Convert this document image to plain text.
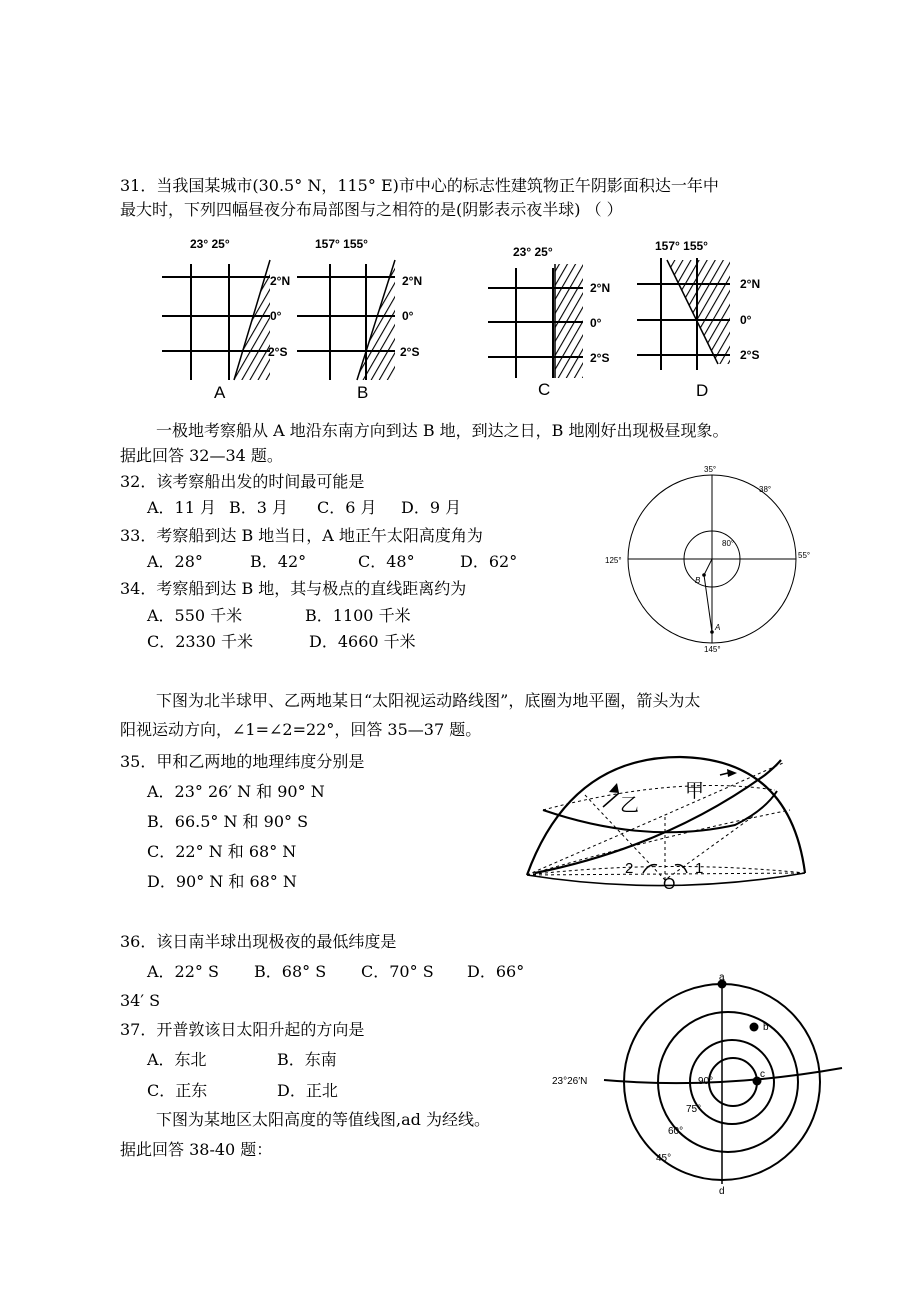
31．当我国某城市(30.5° N，115° E)市中心的标志性建筑物正午阴影面积达一年中
最大时，下列四幅昼夜分布局部图与之相符的是(阴影表示夜半球) （ ）
23° 25°
2°N
0°
2°S
A
157° 155°
2°N
0°
2°S
B
23° 25°
2°N
0°
2°S
C
157° 155°
2°N
0°
2°S
D
一极地考察船从 A 地沿东南方向到达 B 地，到达之日，B 地刚好出现极昼现象。
据此回答 32—34 题。
32．该考察船出发的时间最可能是
A．11 月 B．3 月 C．6 月 D．9 月
33．考察船到达 B 地当日，A 地正午太阳高度角为
A．28°	B．42°	C．48°	D．62°
34．考察船到达 B 地，其与极点的直线距离约为
A．550 千米	B．1100 千米
C．2330 千米	D．4660 千米
35°
38°
125°
55°
145°
80°
B
A
下图为北半球甲、乙两地某日“太阳视运动路线图”，底圈为地平圈，箭头为太
阳视运动方向，∠1=∠2=22°，回答 35—37 题。
35．甲和乙两地的地理纬度分别是
A．23° 26′ N 和 90° N
B．66.5° N 和 90° S
C．22° N 和 68° N
D．90° N 和 68° N
乙
甲
O
2	1
36．该日南半球出现极夜的最低纬度是
A．22° S B．68° S C．70° S D．66°
34′ S
37．开普敦该日太阳升起的方向是
A．东北	B．东南
C．正东	D．正北
下图为某地区太阳高度的等值线图,ad 为经线。
据此回答 38-40 题：
a
b
c
d
23°26′N	90°
75°
60°
45°
